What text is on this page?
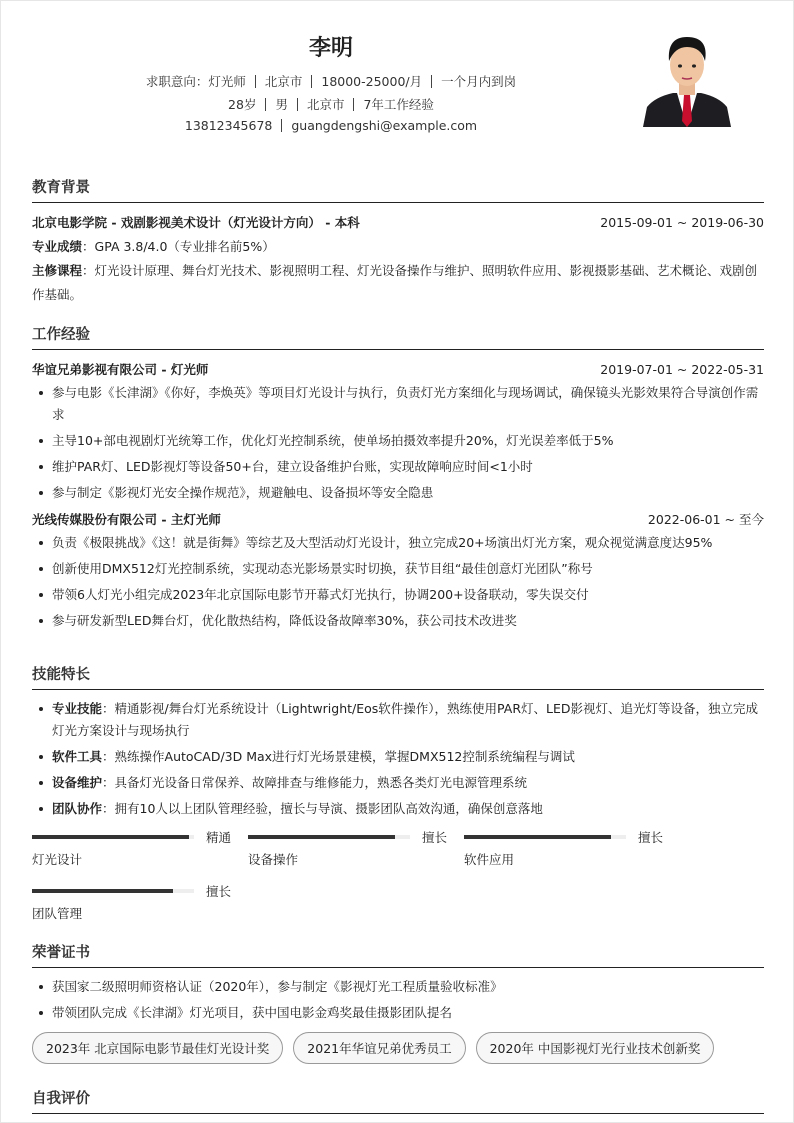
李明
求职意向：灯光师 北京市 18000-25000/月 一个月内到岗
28岁 男 北京市 7年工作经验
13812345678 guangdengshi@example.com
教育背景
北京电影学院 - 戏剧影视美术设计（灯光设计方向） - 本科	2015-09-01 ~ 2019-06-30
专业成绩：GPA 3.8/4.0（专业排名前5%）
主修课程：灯光设计原理、舞台灯光技术、影视照明工程、灯光设备操作与维护、照明软件应用、影视摄影基础、艺术概论、戏剧创作基础。
工作经验
华谊兄弟影视有限公司 - 灯光师	2019-07-01 ~ 2022-05-31
参与电影《长津湖》《你好，李焕英》等项目灯光设计与执行，负责灯光方案细化与现场调试，确保镜头光影效果符合导演创作需求
主导10+部电视剧灯光统筹工作，优化灯光控制系统，使单场拍摄效率提升20%，灯光误差率低于5%
维护PAR灯、LED影视灯等设备50+台，建立设备维护台账，实现故障响应时间<1小时
参与制定《影视灯光安全操作规范》，规避触电、设备损坏等安全隐患
光线传媒股份有限公司 - 主灯光师	2022-06-01 ~ 至今
负责《极限挑战》《这！就是街舞》等综艺及大型活动灯光设计，独立完成20+场演出灯光方案，观众视觉满意度达95%
创新使用DMX512灯光控制系统，实现动态光影场景实时切换，获节目组“最佳创意灯光团队”称号
带领6人灯光小组完成2023年北京国际电影节开幕式灯光执行，协调200+设备联动，零失误交付
参与研发新型LED舞台灯，优化散热结构，降低设备故障率30%，获公司技术改进奖
技能特长
专业技能：精通影视/舞台灯光系统设计（Lightwright/Eos软件操作），熟练使用PAR灯、LED影视灯、追光灯等设备，独立完成灯光方案设计与现场执行
软件工具：熟练操作AutoCAD/3D Max进行灯光场景建模，掌握DMX512控制系统编程与调试
设备维护：具备灯光设备日常保养、故障排查与维修能力，熟悉各类灯光电源管理系统
团队协作：拥有10人以上团队管理经验，擅长与导演、摄影团队高效沟通，确保创意落地
精通
灯光设计
擅长
设备操作
擅长
软件应用
擅长
团队管理
荣誉证书
获国家二级照明师资格认证（2020年），参与制定《影视灯光工程质量验收标准》
带领团队完成《长津湖》灯光项目，获中国电影金鸡奖最佳摄影团队提名
2023年 北京国际电影节最佳灯光设计奖	2021年华谊兄弟优秀员工	2020年 中国影视灯光行业技术创新奖
自我评价
